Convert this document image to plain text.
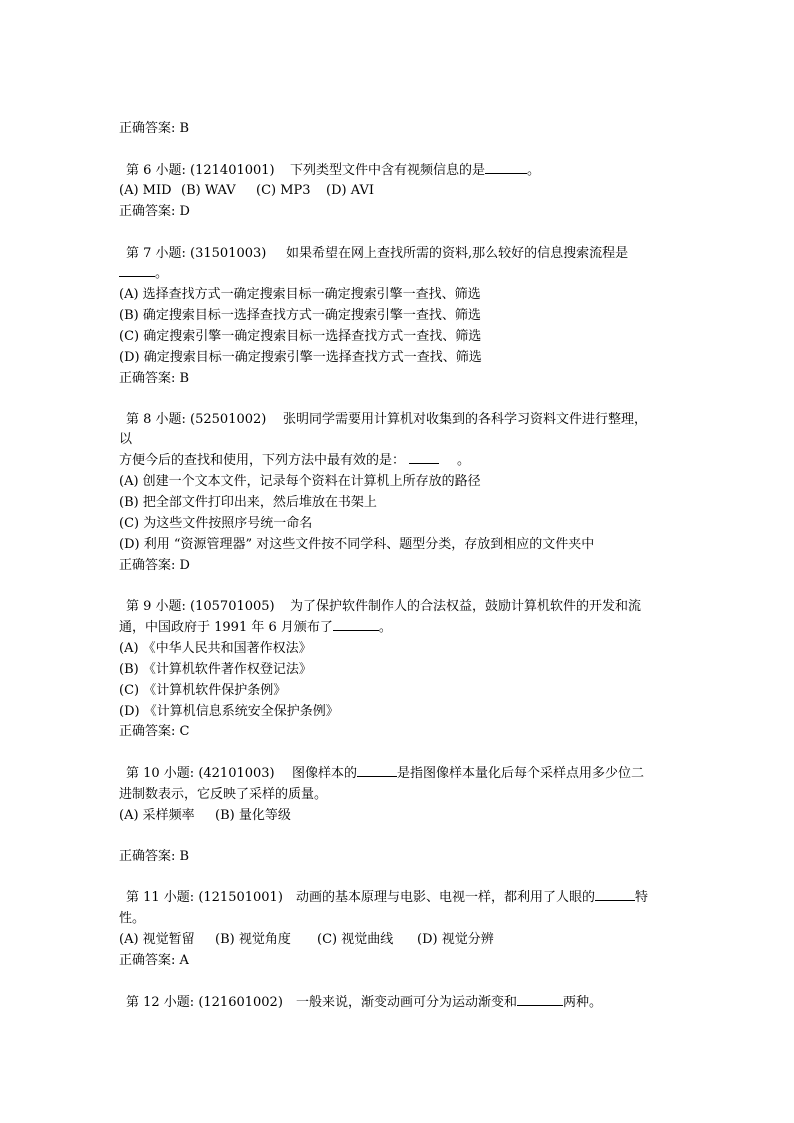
正确答案: B
第 6 小题: (121401001) 下列类型文件中含有视频信息的是	。
(A) MID (B) WAV (C) MP3 (D) AVI
正确答案: D
第 7 小题: (31501003) 如果希望在网上查找所需的资料,那么较好的信息搜索流程是
。
(A) 选择查找方式一确定搜索目标一确定搜索引擎一查找、筛选
(B) 确定搜索目标一选择查找方式一确定搜索引擎一查找、筛选
(C) 确定搜索引擎一确定搜索目标一选择查找方式一查找、筛选
(D) 确定搜索目标一确定搜索引擎一选择查找方式一查找、筛选
正确答案: B
第 8 小题: (52501002) 张明同学需要用计算机对收集到的各科学习资料文件进行整理，
以
方便今后的查找和使用，下列方法中最有效的是：	。
(A) 创建一个文本文件，记录每个资料在计算机上所存放的路径
(B) 把全部文件打印出来，然后堆放在书架上
(C) 为这些文件按照序号统一命名
(D) 利用 “资源管理器” 对这些文件按不同学科、题型分类，存放到相应的文件夹中
正确答案: D
第 9 小题: (105701005) 为了保护软件制作人的合法权益，鼓励计算机软件的开发和流
通，中国政府于 1991 年 6 月颁布了	。
(A) 《中华人民共和国著作权法》
(B) 《计算机软件著作权登记法》
(C) 《计算机软件保护条例》
(D) 《计算机信息系统安全保护条例》
正确答案: C
第 10 小题: (42101003) 图像样本的	是指图像样本量化后每个采样点用多少位二
进制数表示，它反映了采样的质量。
(A) 采样频率 (B) 量化等级
正确答案: B
第 11 小题: (121501001) 动画的基本原理与电影、电视一样，都利用了人眼的	特
性。
(A) 视觉暂留 (B) 视觉角度 (C) 视觉曲线 (D) 视觉分辨
正确答案: A
第 12 小题: (121601002) 一般来说，渐变动画可分为运动渐变和	两种。
